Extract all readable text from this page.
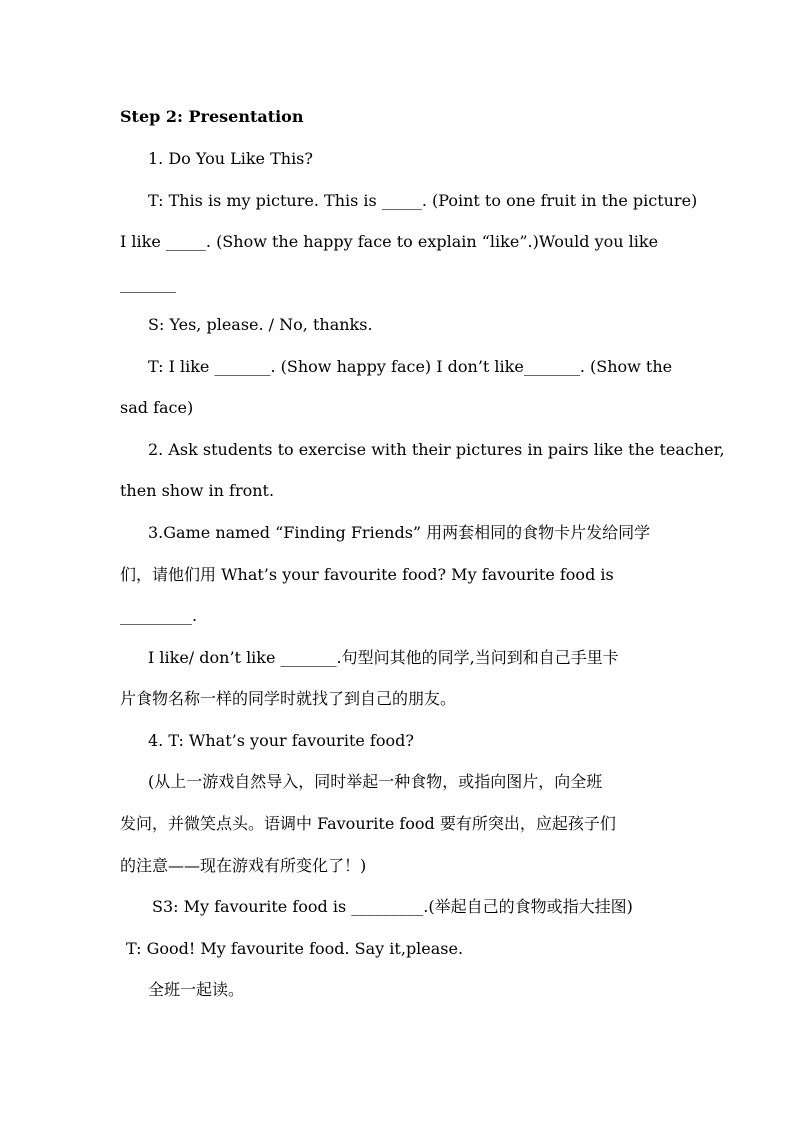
Step 2: Presentation
1. Do You Like This?
T: This is my picture. This is _____. (Point to one fruit in the picture)
I like _____. (Show the happy face to explain “like”.)Would you like
_______
S: Yes, please. / No, thanks.
T: I like _______. (Show happy face) I don’t like_______. (Show the
sad face)
2. Ask students to exercise with their pictures in pairs like the teacher,
then show in front.
3.Game named “Finding Friends” 用两套相同的食物卡片发给同学
们，请他们用 What’s your favourite food? My favourite food is
_________.
I like/ don’t like _______.句型问其他的同学,当问到和自己手里卡
片食物名称一样的同学时就找了到自己的朋友。
4. T: What’s your favourite food?
(从上一游戏自然导入，同时举起一种食物，或指向图片，向全班
发问，并微笑点头。语调中 Favourite food 要有所突出，应起孩子们
的注意——现在游戏有所变化了！)
S3: My favourite food is _________.(举起自己的食物或指大挂图)
T: Good! My favourite food. Say it,please.
全班一起读。
